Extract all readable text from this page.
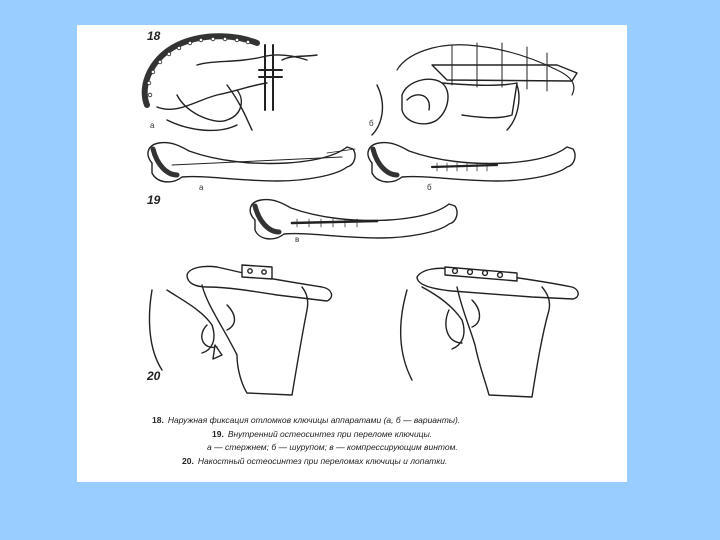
18
а	б
19
а	б
в
20
18. Наружная фиксация отломков ключицы аппаратами (а, б — варианты).
19. Внутренний остеосинтез при переломе ключицы.
а — стержнем; б — шурупом; в — компрессирующим винтом.
20. Накостный остеосинтез при переломах ключицы и лопатки.
